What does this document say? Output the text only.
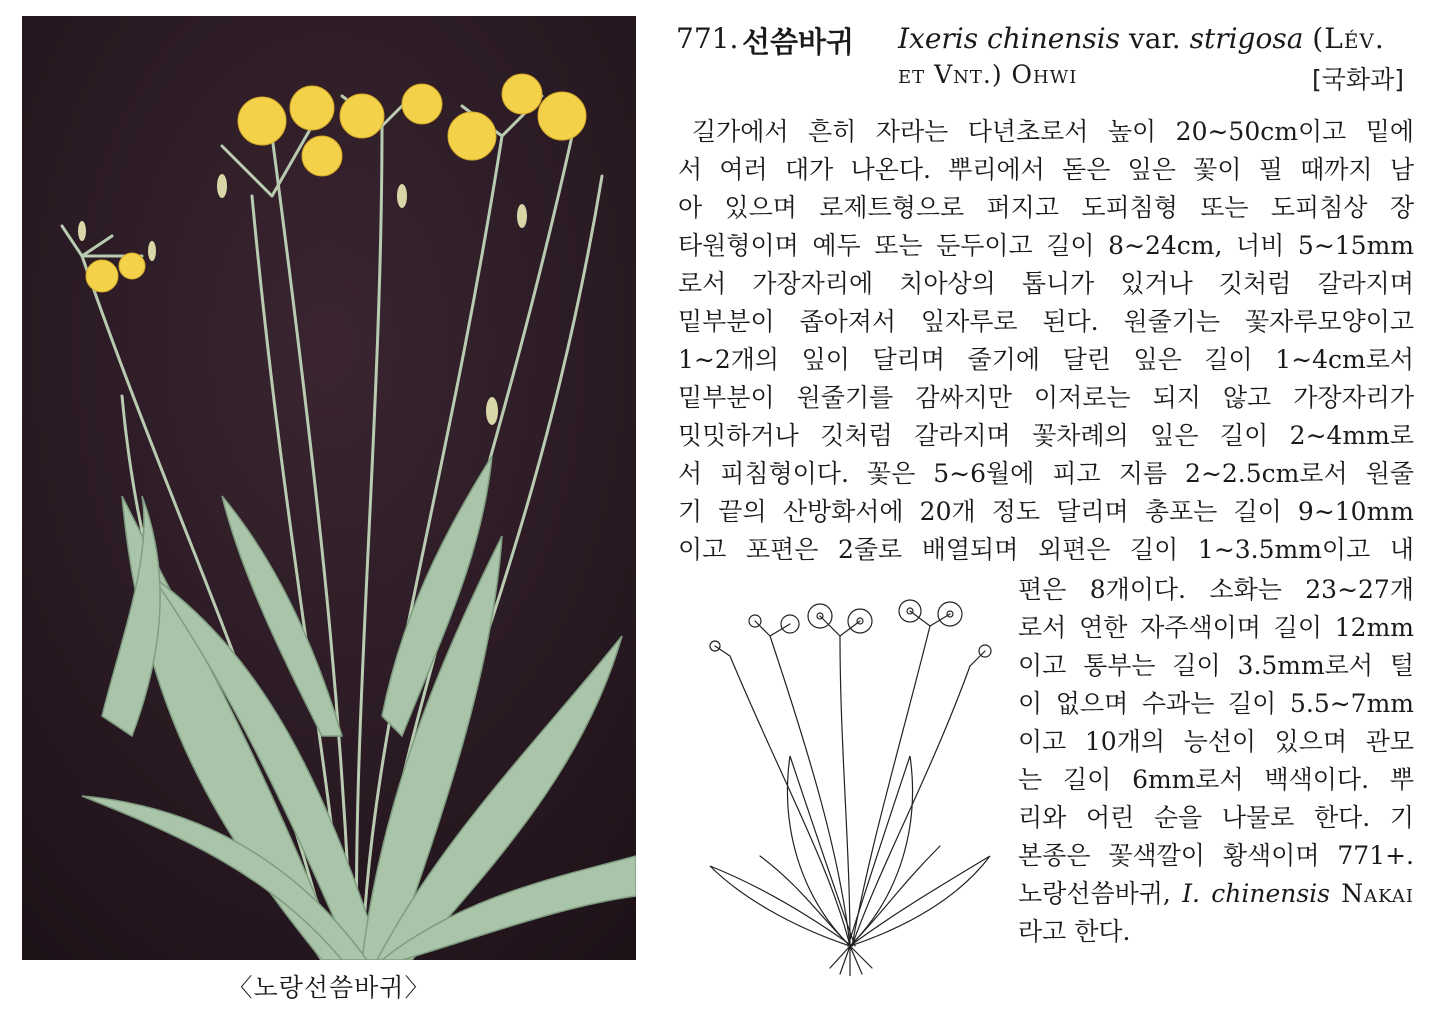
〈노랑선씀바귀〉
771. 선씀바귀 Ixeris chinensis var. strigosa (Lév.
et Vnt.) Ohwi	[국화과]
길가에서 흔히 자라는 다년초로서 높이 20∼50cm이고 밑에
서 여러 대가 나온다. 뿌리에서 돋은 잎은 꽃이 필 때까지 남
아 있으며 로제트형으로 퍼지고 도피침형 또는 도피침상 장
타원형이며 예두 또는 둔두이고 길이 8∼24cm, 너비 5∼15mm
로서 가장자리에 치아상의 톱니가 있거나 깃처럼 갈라지며
밑부분이 좁아져서 잎자루로 된다. 원줄기는 꽃자루모양이고
1∼2개의 잎이 달리며 줄기에 달린 잎은 길이 1∼4cm로서
밑부분이 원줄기를 감싸지만 이저로는 되지 않고 가장자리가
밋밋하거나 깃처럼 갈라지며 꽃차례의 잎은 길이 2∼4mm로
서 피침형이다. 꽃은 5∼6월에 피고 지름 2∼2.5cm로서 원줄
기 끝의 산방화서에 20개 정도 달리며 총포는 길이 9∼10mm
이고 포편은 2줄로 배열되며 외편은 길이 1∼3.5mm이고 내
편은 8개이다. 소화는 23∼27개
로서 연한 자주색이며 길이 12mm
이고 통부는 길이 3.5mm로서 털
이 없으며 수과는 길이 5.5∼7mm
이고 10개의 능선이 있으며 관모
는 길이 6mm로서 백색이다. 뿌
리와 어린 순을 나물로 한다. 기
본종은 꽃색깔이 황색이며 771+.
노랑선씀바귀, I. chinensis Nakai
라고 한다.
